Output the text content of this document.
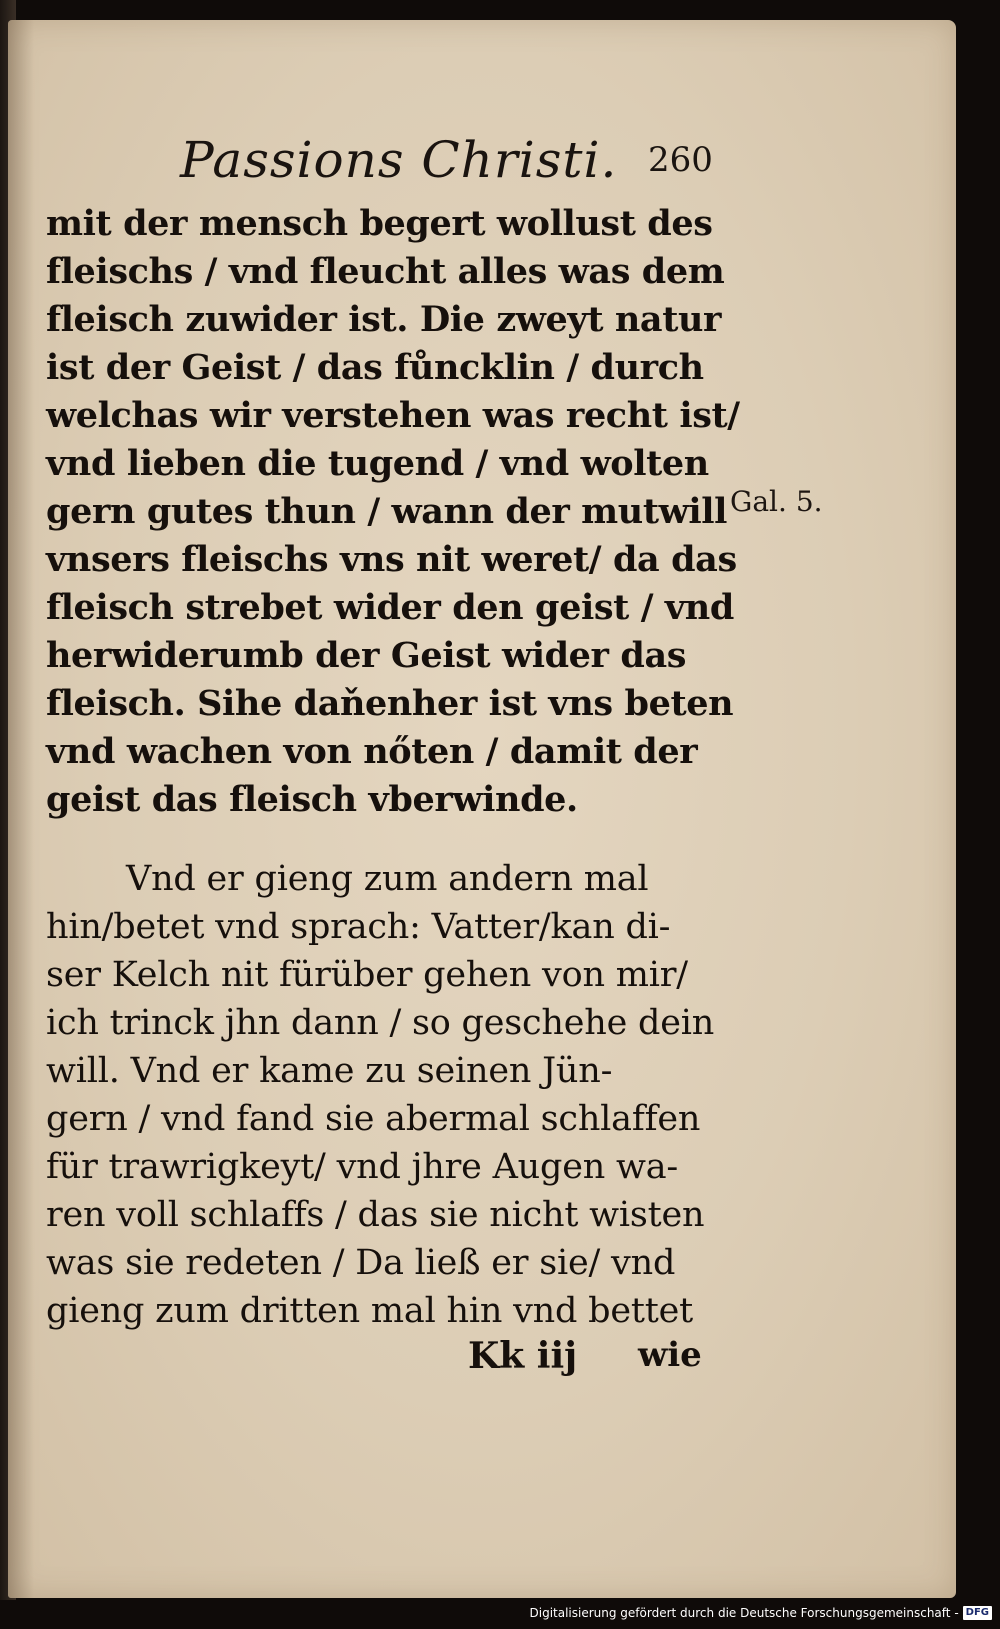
Passions Christi. 260
mit der mensch begert wollust des
fleischs / vnd fleucht alles was dem
fleisch zuwider ist. Die zweyt natur
ist der Geist / das fůncklin / durch
welchas wir verstehen was recht ist/
vnd lieben die tugend / vnd wolten
gern gutes thun / wann der mutwill
vnsers fleischs vns nit weret/ da das
fleisch strebet wider den geist / vnd
herwiderumb der Geist wider das
fleisch. Sihe daňenher ist vns beten
vnd wachen von nőten / damit der
geist das fleisch vberwinde.
Gal. 5.
Vnd er gieng zum andern mal
hin/betet vnd sprach: Vatter/kan di-
ser Kelch nit fürüber gehen von mir/
ich trinck jhn dann / so geschehe dein
will. Vnd er kame zu seinen Jün-
gern / vnd fand sie abermal schlaffen
für trawrigkeyt/ vnd jhre Augen wa-
ren voll schlaffs / das sie nicht wisten
was sie redeten / Da ließ er sie/ vnd
gieng zum dritten mal hin vnd bettet
Kk iij wie
Digitalisierung gefördert durch die Deutsche Forschungsgemeinschaft - DFG
